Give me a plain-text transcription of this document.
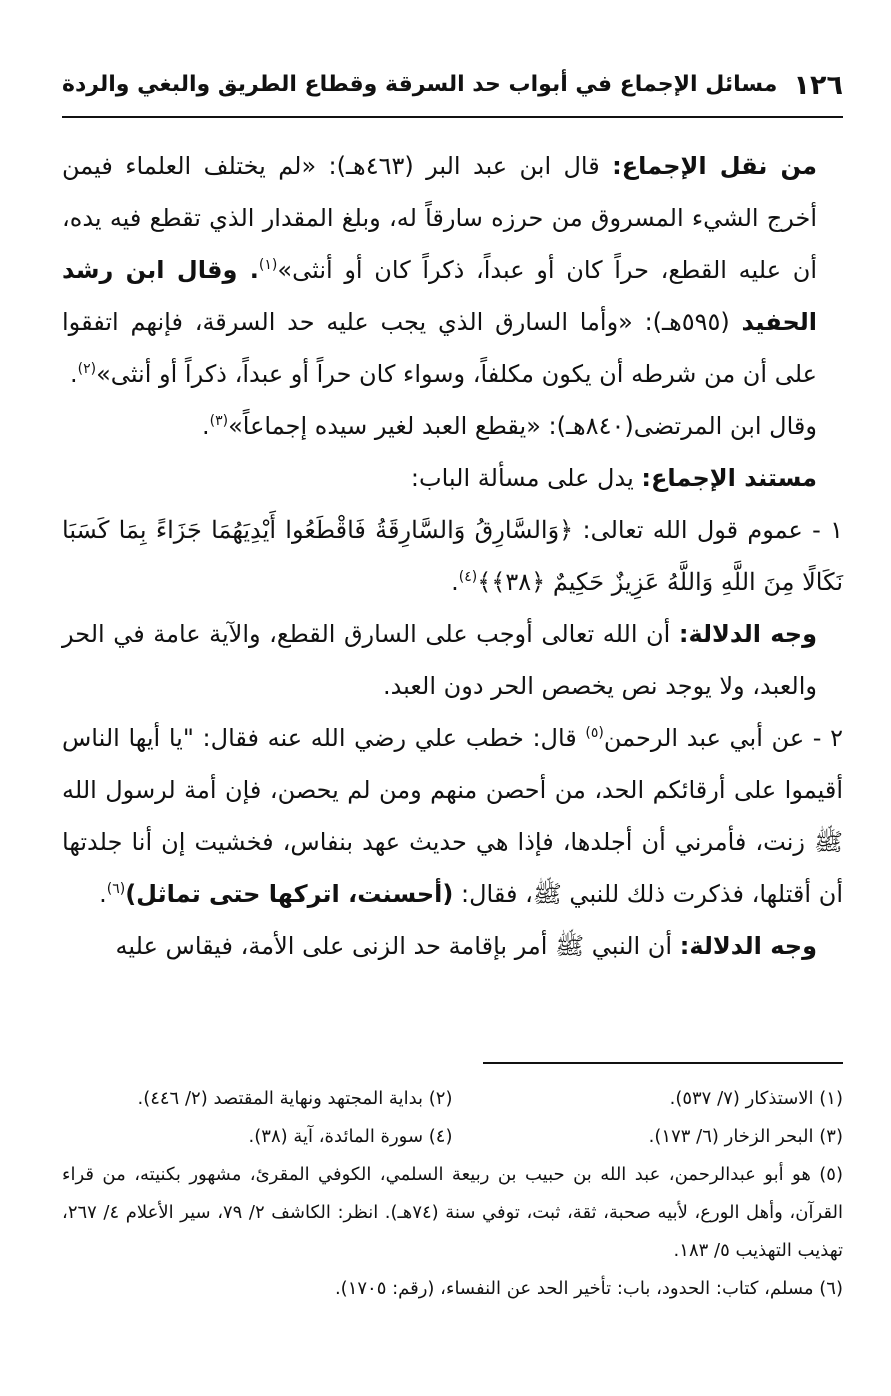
١٢٦
مسائل الإجماع في أبواب حد السرقة وقطاع الطريق والبغي والردة

من نقل الإجماع: قال ابن عبد البر (٤٦٣هـ): «لم يختلف العلماء فيمن أخرج الشيء المسروق من حرزه سارقاً له، وبلغ المقدار الذي تقطع فيه يده، أن عليه القطع، حراً كان أو عبداً، ذكراً كان أو أنثى»$^{(١)}$. وقال ابن رشد الحفيد (٥٩٥هـ): «وأما السارق الذي يجب عليه حد السرقة، فإنهم اتفقوا على أن من شرطه أن يكون مكلفاً، وسواء كان حراً أو عبداً، ذكراً أو أنثى»$^{(٢)}$.

وقال ابن المرتضى(٨٤٠هـ): «يقطع العبد لغير سيده إجماعاً»$^{(٣)}$.

مستند الإجماع: يدل على مسألة الباب:

١ - عموم قول الله تعالى: ﴿وَالسَّارِقُ وَالسَّارِقَةُ فَاقْطَعُوا أَيْدِيَهُمَا جَزَاءً بِمَا كَسَبَا نَكَالًا مِنَ اللَّهِ وَاللَّهُ عَزِيزٌ حَكِيمٌ ﴿٣٨﴾﴾$^{(٤)}$.

وجه الدلالة: أن الله تعالى أوجب على السارق القطع، والآية عامة في الحر والعبد، ولا يوجد نص يخصص الحر دون العبد.

٢ - عن أبي عبد الرحمن$^{(٥)}$ قال: خطب علي رضي الله عنه فقال: "يا أيها الناس أقيموا على أرقائكم الحد، من أحصن منهم ومن لم يحصن، فإن أمة لرسول الله ﷺ زنت، فأمرني أن أجلدها، فإذا هي حديث عهد بنفاس، فخشيت إن أنا جلدتها أن أقتلها، فذكرت ذلك للنبي ﷺ، فقال: (أحسنت، اتركها حتى تماثل)$^{(٦)}$.

وجه الدلالة: أن النبي ﷺ أمر بإقامة حد الزنى على الأمة، فيقاس عليه

(١) الاستذكار (٧/ ٥٣٧).
(٢) بداية المجتهد ونهاية المقتصد (٢/ ٤٤٦).
(٣) البحر الزخار (٦/ ١٧٣).
(٤) سورة المائدة، آية (٣٨).
(٥) هو أبو عبدالرحمن، عبد الله بن حبيب بن ربيعة السلمي، الكوفي المقرئ، مشهور بكنيته، من قراء القرآن، وأهل الورع، لأبيه صحبة، ثقة، ثبت، توفي سنة (٧٤هـ). انظر: الكاشف ٢/ ٧٩، سير الأعلام ٤/ ٢٦٧، تهذيب التهذيب ٥/ ١٨٣.
(٦) مسلم، كتاب: الحدود، باب: تأخير الحد عن النفساء، (رقم: ١٧٠٥).
